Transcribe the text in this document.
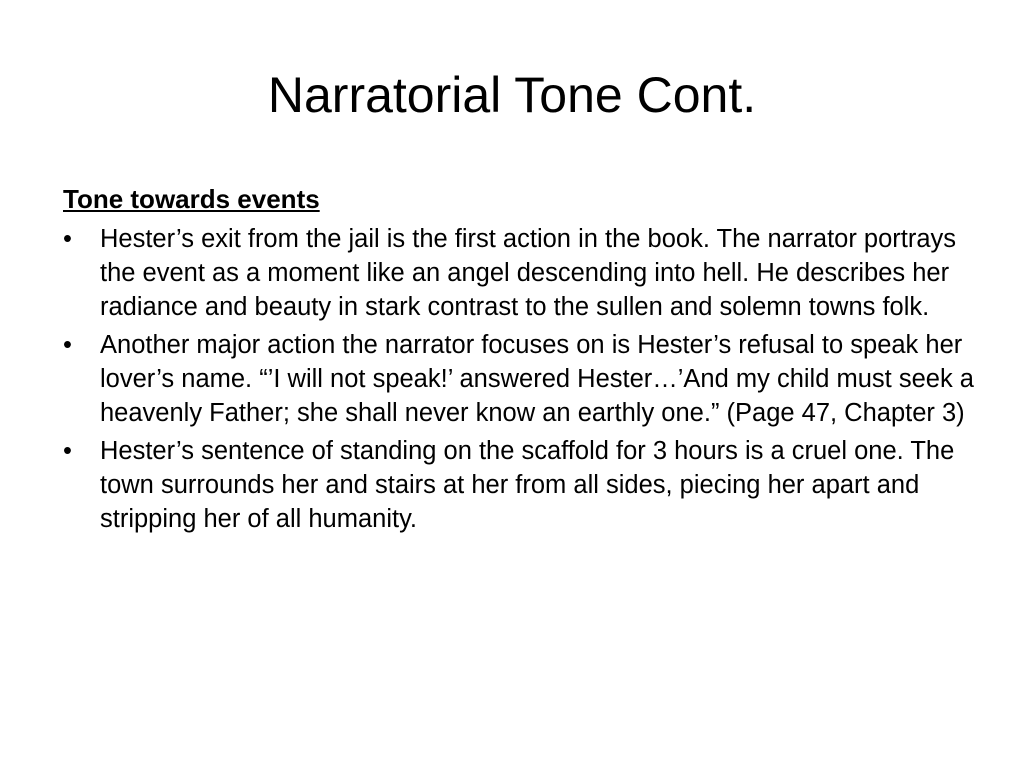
Narratorial Tone Cont.
Tone towards events
•	Hester’s exit from the jail is the first action in the book. The narrator portrays the event as a moment like an angel descending into hell. He describes her radiance and beauty in stark contrast to the sullen and solemn towns folk.
•	Another major action the narrator focuses on is Hester’s refusal to speak her lover’s name. “’I will not speak!’ answered Hester…’And my child must seek a heavenly Father; she shall never know an earthly one.” (Page 47, Chapter 3)
•	Hester’s sentence of standing on the scaffold for 3 hours is a cruel one. The town surrounds her and stairs at her from all sides, piecing her apart and stripping her of all humanity.
